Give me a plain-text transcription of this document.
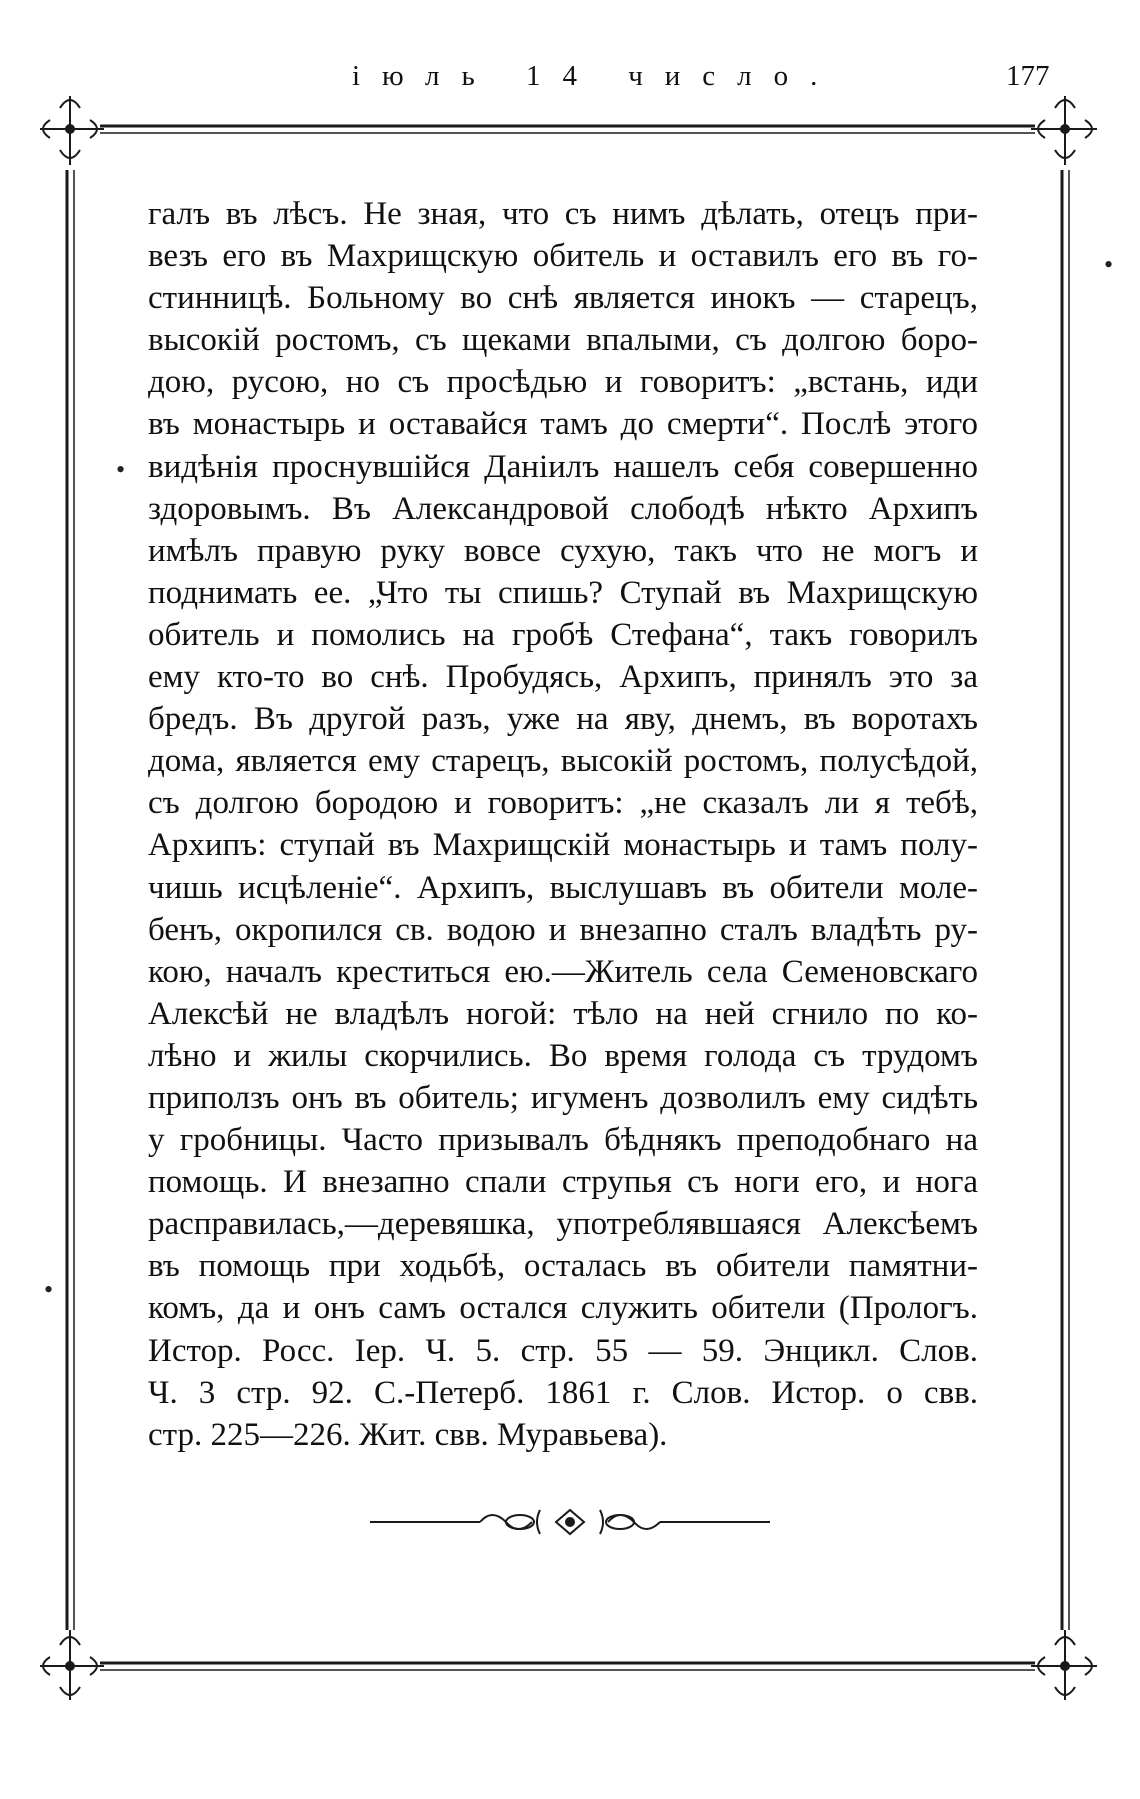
іюль 14 число.	177
галъ въ лѣсъ. Не зная, что съ нимъ дѣлать, отецъ при-
везъ его въ Махрищскую обитель и оставилъ его въ го-
стинницѣ. Больному во снѣ является инокъ — старецъ,
высокій ростомъ, съ щеками впалыми, съ долгою боро-
дою, русою, но съ просѣдью и говоритъ: „встань, иди
въ монастырь и оставайся тамъ до смерти“. Послѣ этого
видѣнія проснувшійся Даніилъ нашелъ себя совершенно
здоровымъ. Въ Александровой слободѣ нѣкто Архипъ
имѣлъ правую руку вовсе сухую, такъ что не могъ и
поднимать ее. „Что ты спишь? Ступай въ Махрищскую
обитель и помолись на гробѣ Стефана“, такъ говорилъ
ему кто-то во снѣ. Пробудясь, Архипъ, принялъ это за
бредъ. Въ другой разъ, уже на яву, днемъ, въ воротахъ
дома, является ему старецъ, высокій ростомъ, полусѣдой,
съ долгою бородою и говоритъ: „не сказалъ ли я тебѣ,
Архипъ: ступай въ Махрищскій монастырь и тамъ полу-
чишь исцѣленіе“. Архипъ, выслушавъ въ обители моле-
бенъ, окропился св. водою и внезапно сталъ владѣть ру-
кою, началъ креститься ею.—Житель села Семеновскаго
Алексѣй не владѣлъ ногой: тѣло на ней сгнило по ко-
лѣно и жилы скорчились. Во время голода съ трудомъ
приползъ онъ въ обитель; игуменъ дозволилъ ему сидѣть
у гробницы. Часто призывалъ бѣднякъ преподобнаго на
помощь. И внезапно спали струпья съ ноги его, и нога
расправилась,—деревяшка, употреблявшаяся Алексѣемъ
въ помощь при ходьбѣ, осталась въ обители памятни-
комъ, да и онъ самъ остался служить обители (Прологъ.
Истор. Росс. Іер. Ч. 5. стр. 55 — 59. Энцикл. Слов.
Ч. 3 стр. 92. С.-Петерб. 1861 г. Слов. Истор. о свв.
стр. 225—226. Жит. свв. Муравьева).
•
•
•
